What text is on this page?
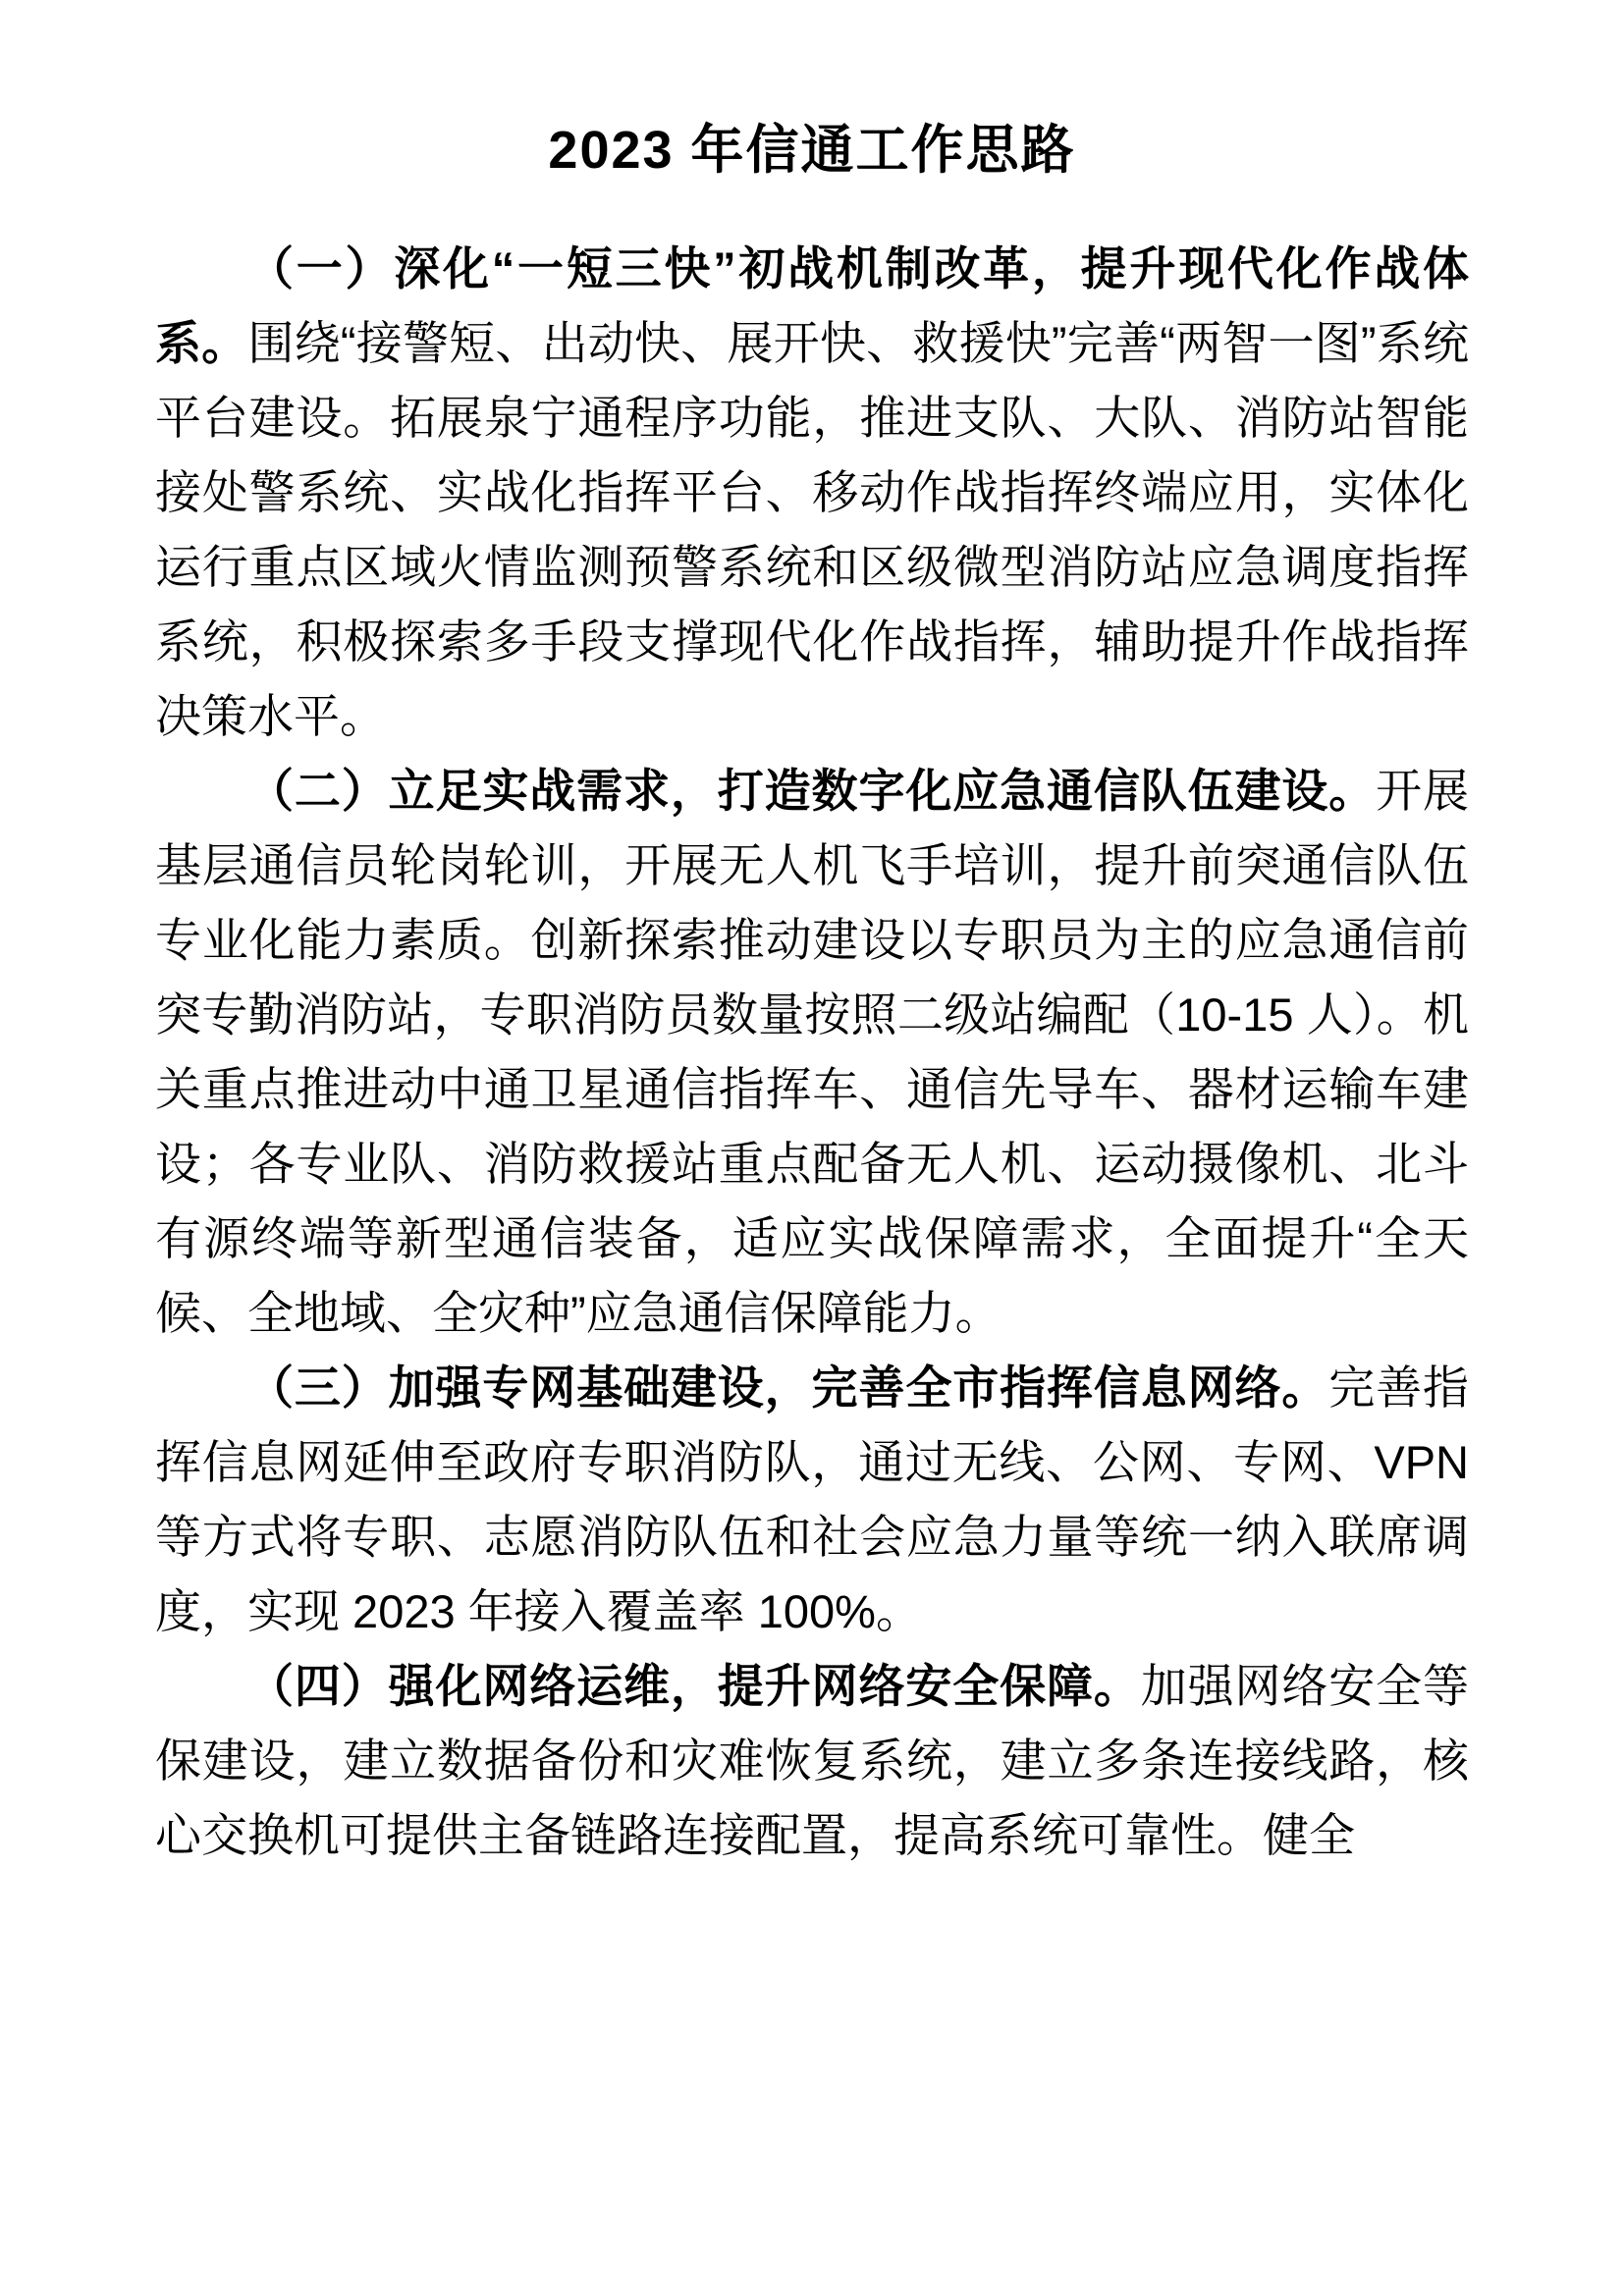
2023 年信通工作思路

（一）深化“一短三快”初战机制改革，提升现代化作战体系。围绕“接警短、出动快、展开快、救援快”完善“两智一图”系统平台建设。拓展泉宁通程序功能，推进支队、大队、消防站智能接处警系统、实战化指挥平台、移动作战指挥终端应用，实体化运行重点区域火情监测预警系统和区级微型消防站应急调度指挥系统，积极探索多手段支撑现代化作战指挥，辅助提升作战指挥决策水平。

（二）立足实战需求，打造数字化应急通信队伍建设。开展基层通信员轮岗轮训，开展无人机飞手培训，提升前突通信队伍专业化能力素质。创新探索推动建设以专职员为主的应急通信前突专勤消防站，专职消防员数量按照二级站编配（10-15 人）。机关重点推进动中通卫星通信指挥车、通信先导车、器材运输车建设；各专业队、消防救援站重点配备无人机、运动摄像机、北斗有源终端等新型通信装备，适应实战保障需求，全面提升“全天候、全地域、全灾种”应急通信保障能力。

（三）加强专网基础建设，完善全市指挥信息网络。完善指挥信息网延伸至政府专职消防队，通过无线、公网、专网、VPN 等方式将专职、志愿消防队伍和社会应急力量等统一纳入联席调度，实现 2023 年接入覆盖率 100%。

（四）强化网络运维，提升网络安全保障。加强网络安全等保建设，建立数据备份和灾难恢复系统，建立多条连接线路，核心交换机可提供主备链路连接配置，提高系统可靠性。健全
